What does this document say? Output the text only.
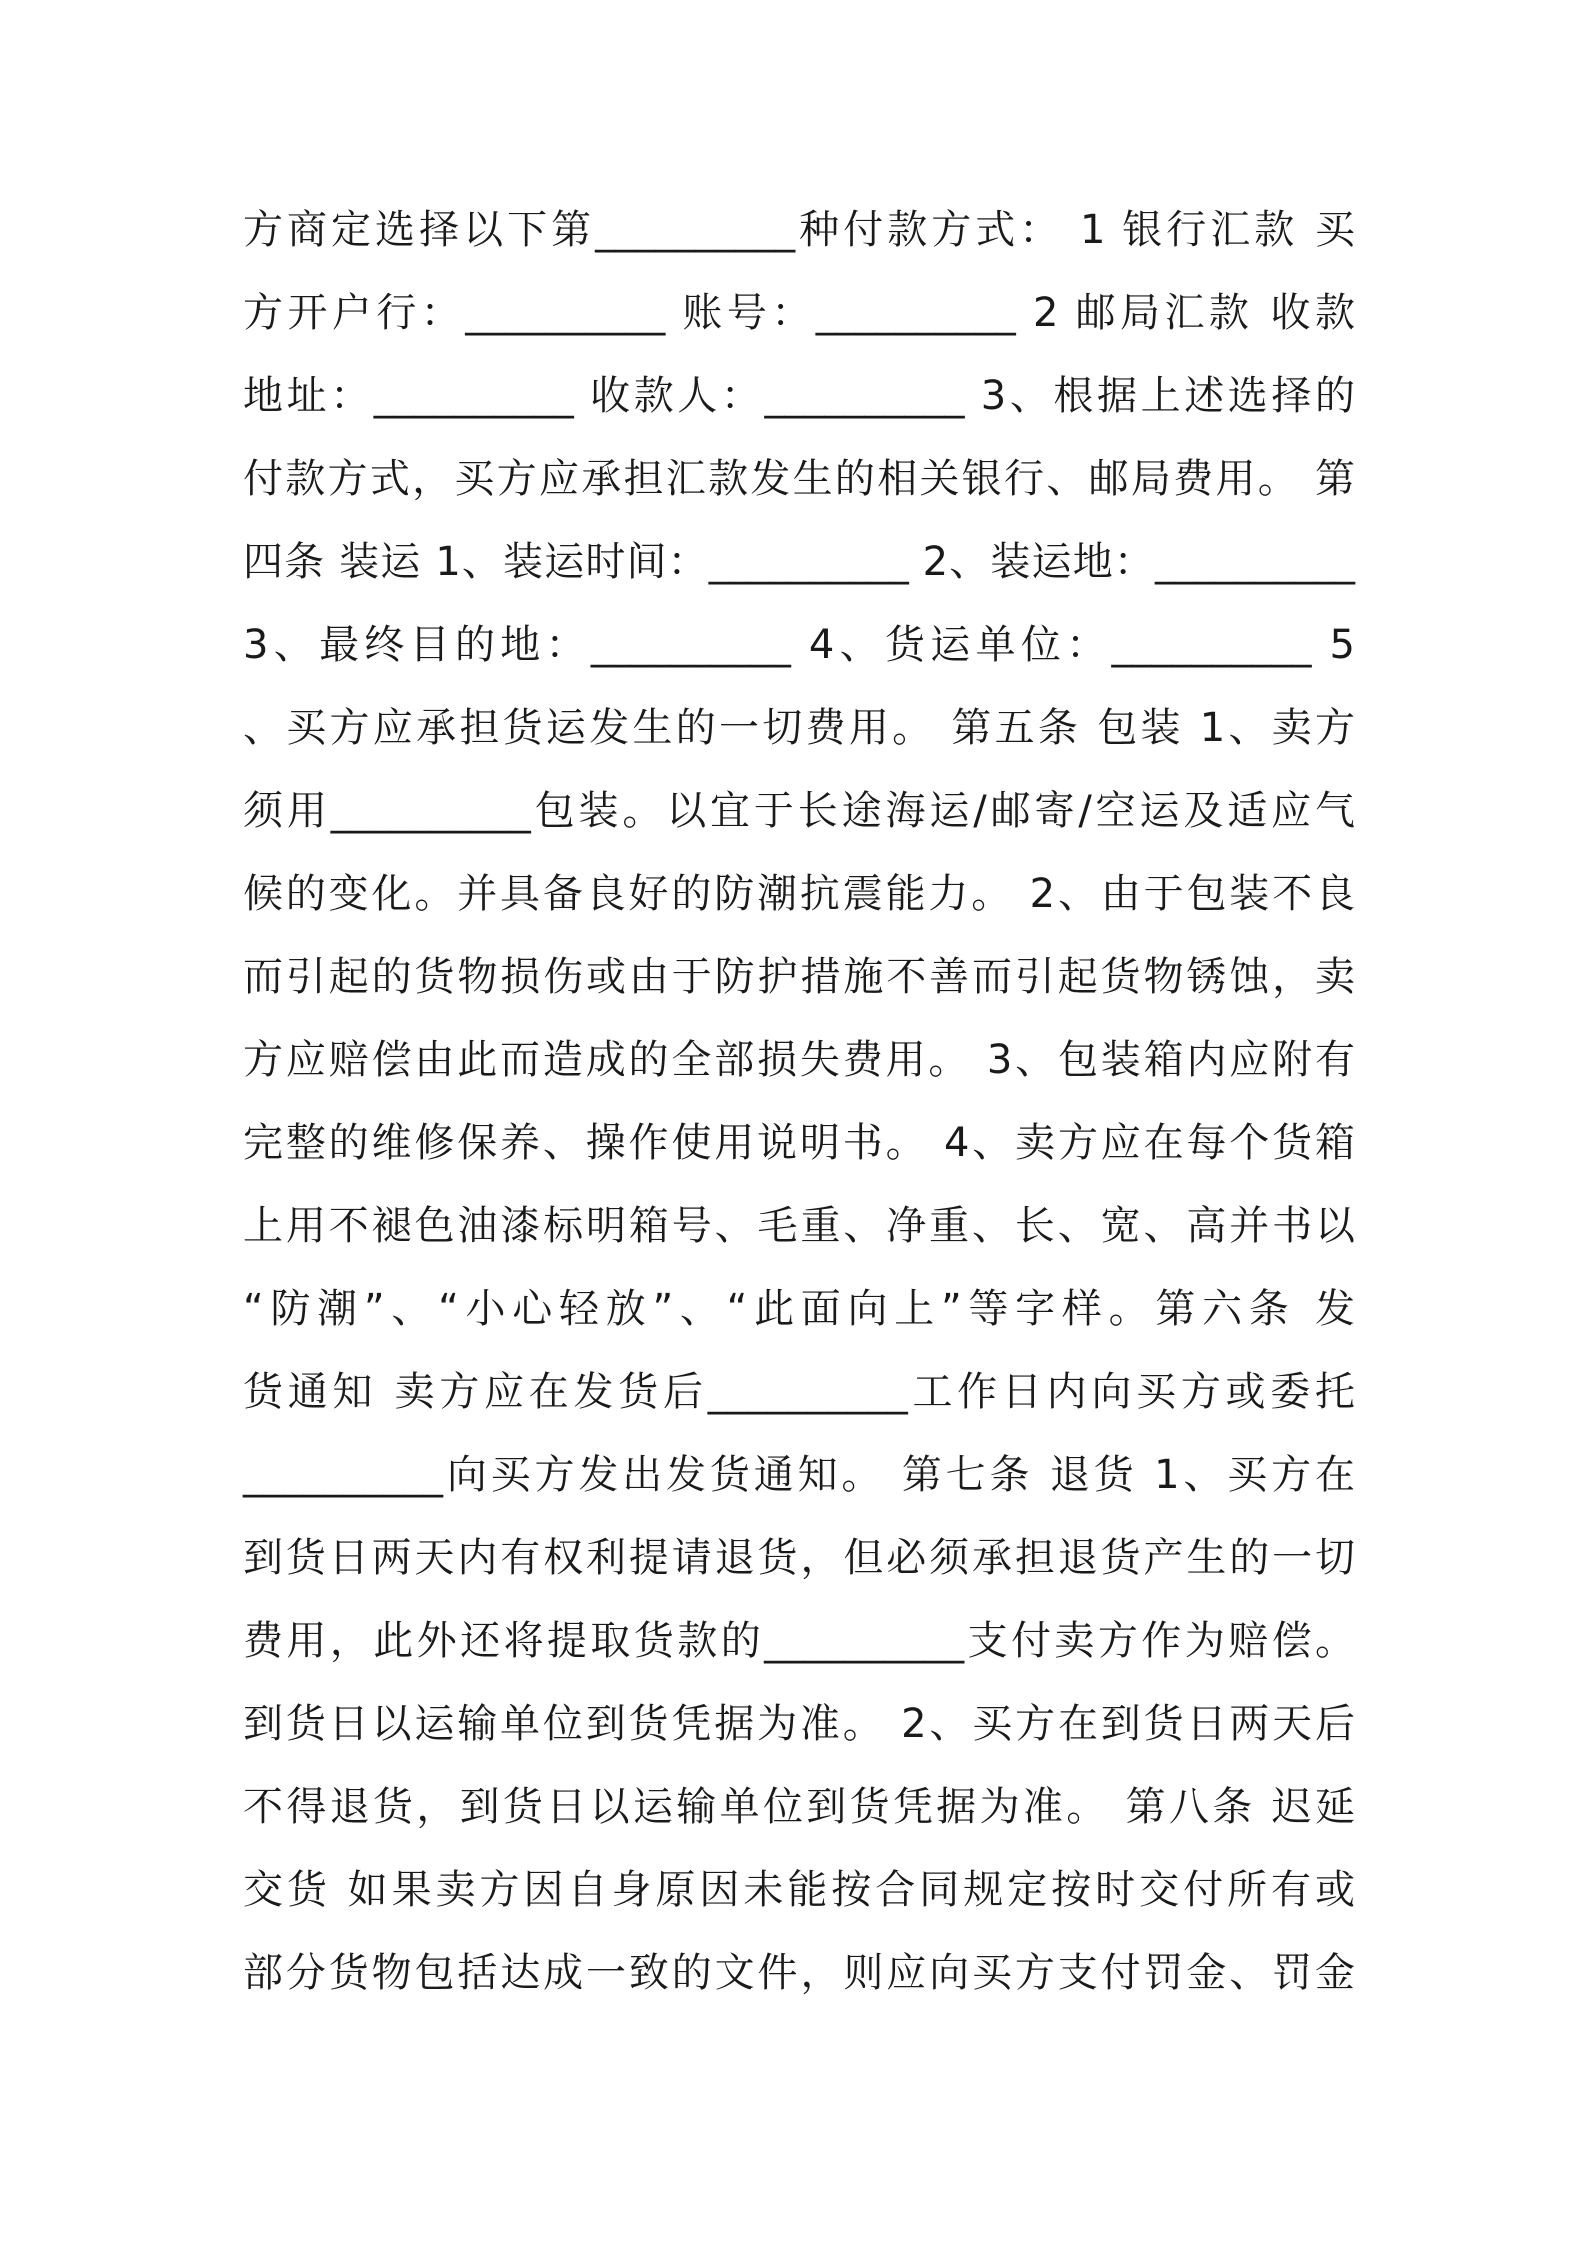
方商定选择以下第__________种付款方式： 1 银行汇款 买
方开户行：__________ 账号：__________ 2 邮局汇款 收款
地址：__________ 收款人：__________ 3、根据上述选择的
付款方式，买方应承担汇款发生的相关银行、邮局费用。 第
四条 装运 1、装运时间：__________ 2、装运地：__________
3、最终目的地：__________ 4、货运单位：__________ 5
、买方应承担货运发生的一切费用。 第五条 包装 1、卖方
须用__________包装。以宜于长途海运/邮寄/空运及适应气
候的变化。并具备良好的防潮抗震能力。 2、由于包装不良
而引起的货物损伤或由于防护措施不善而引起货物锈蚀，卖
方应赔偿由此而造成的全部损失费用。 3、包装箱内应附有
完整的维修保养、操作使用说明书。 4、卖方应在每个货箱
上用不褪色油漆标明箱号、毛重、净重、长、宽、高并书以
“防潮”、“小心轻放”、“此面向上”等字样。第六条 发
货通知 卖方应在发货后__________工作日内向买方或委托
__________向买方发出发货通知。 第七条 退货 1、买方在
到货日两天内有权利提请退货，但必须承担退货产生的一切
费用，此外还将提取货款的__________支付卖方作为赔偿。
到货日以运输单位到货凭据为准。 2、买方在到货日两天后
不得退货，到货日以运输单位到货凭据为准。 第八条 迟延
交货 如果卖方因自身原因未能按合同规定按时交付所有或
部分货物包括达成一致的文件，则应向买方支付罚金、罚金
